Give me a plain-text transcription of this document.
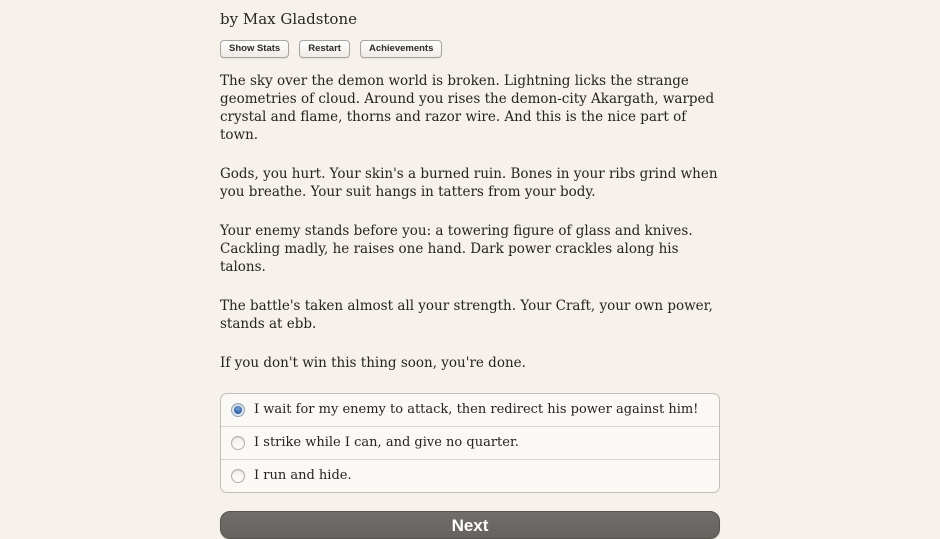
by Max Gladstone
Show Stats	Restart	Achievements

The sky over the demon world is broken. Lightning licks the strange geometries of cloud. Around you rises the demon-city Akargath, warped crystal and flame, thorns and razor wire. And this is the nice part of town.

Gods, you hurt. Your skin's a burned ruin. Bones in your ribs grind when you breathe. Your suit hangs in tatters from your body.

Your enemy stands before you: a towering figure of glass and knives. Cackling madly, he raises one hand. Dark power crackles along his talons.

The battle's taken almost all your strength. Your Craft, your own power, stands at ebb.

If you don't win this thing soon, you're done.

I wait for my enemy to attack, then redirect his power against him!
I strike while I can, and give no quarter.
I run and hide.
Next
